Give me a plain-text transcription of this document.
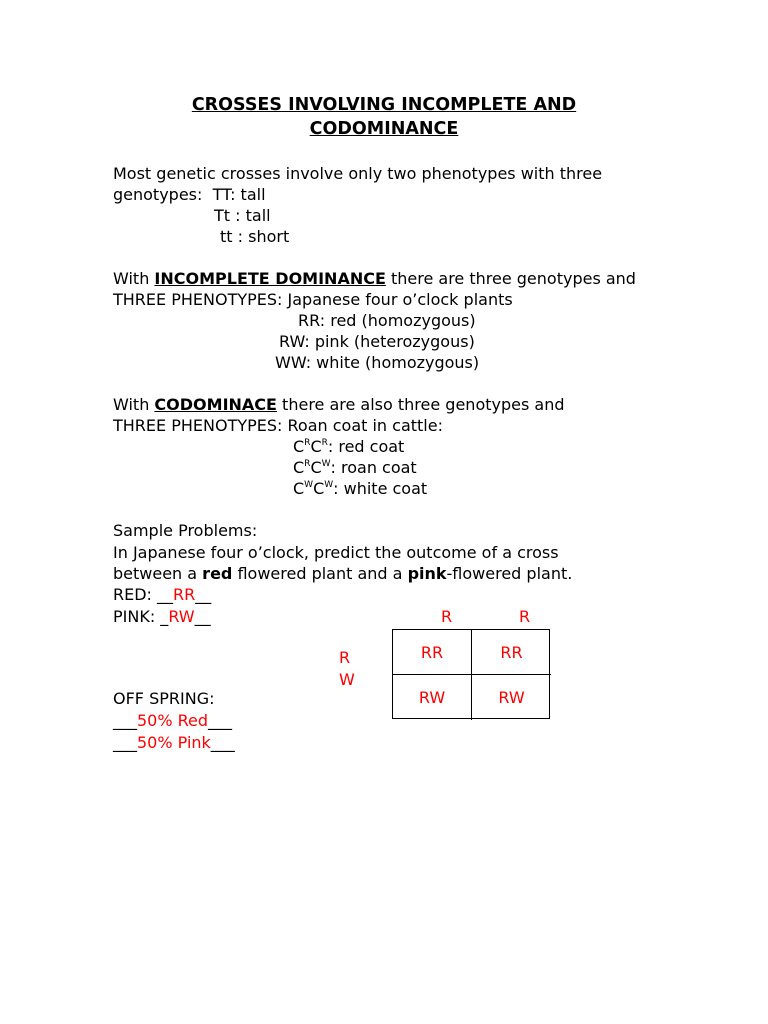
CROSSES INVOLVING INCOMPLETE AND
CODOMINANCE
Most genetic crosses involve only two phenotypes with three
genotypes:  TT: tall
Tt : tall
tt : short
With INCOMPLETE DOMINANCE there are three genotypes and
THREE PHENOTYPES: Japanese four o’clock plants
RR: red (homozygous)
RW: pink (heterozygous)
WW: white (homozygous)
With CODOMINACE there are also three genotypes and
THREE PHENOTYPES: Roan coat in cattle:
$C^RC^R$: red coat
$C^RC^W$: roan coat
$C^WC^W$: white coat
Sample Problems:
In Japanese four o’clock, predict the outcome of a cross
between a red flowered plant and a pink-flowered plant.
RED: __RR__
PINK: _RW__	R	R
R
W
RR	RR
RW	RW
OFF SPRING:
___50% Red___
___50% Pink___
